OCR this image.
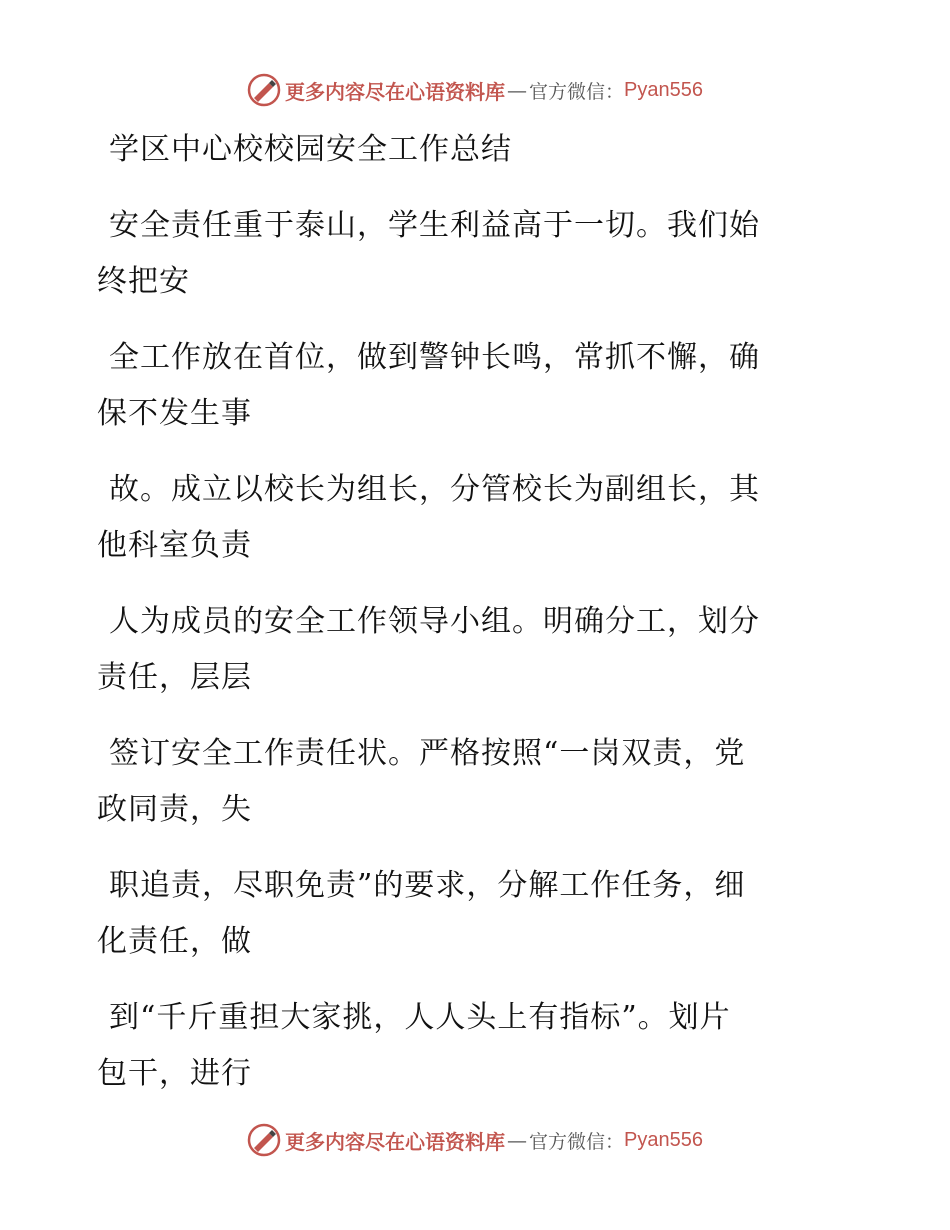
更多内容尽在心语资料库 — 官方微信： Pyan556
学区中心校校园安全工作总结
安全责任重于泰山，学生利益高于一切。我们始
终把安
全工作放在首位，做到警钟长鸣，常抓不懈，确
保不发生事
故。成立以校长为组长，分管校长为副组长，其
他科室负责
人为成员的安全工作领导小组。明确分工，划分
责任，层层
签订安全工作责任状。严格按照“一岗双责，党
政同责，失
职追责，尽职免责”的要求，分解工作任务，细
化责任，做
到“千斤重担大家挑，人人头上有指标”。划片
包干，进行
更多内容尽在心语资料库 — 官方微信： Pyan556
